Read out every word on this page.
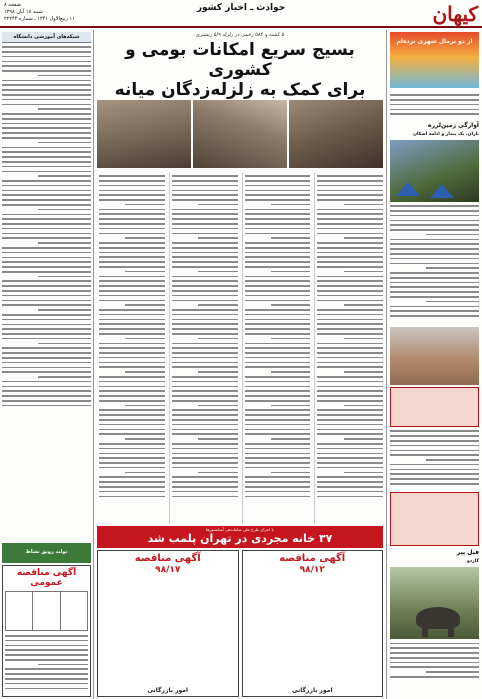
کیهان
حوادث ـ اخبار کشور
صفحه ۸
شنبه ۱۸ آبان ۱۳۹۸
۱۱ ربیع‌الاول ۱۴۴۱ ـ شماره ۲۲۲۴۴
از دو نرمال شهری نرده‌ام
آوارگی زمین‌لرزه
باران، یک بیمار و ادامه اسکان
فیل پیر
گاردو
۵ کشته و ۵۸۴ زخمی در زلزله ۵/۹ ریشتری
بسیج سریع امکانات بومی و کشوری
برای کمک به زلزله‌زدگان میانه
با اجرای طرح ملی ساماندهی آسانسورها
۳۷ خانه مجردی در تهران پلمب شد
آگهی مناقصه
۹۸/۱۲
امور بازرگانی
آگهی مناقصه
۹۸/۱۷
امور بازرگانی
شبکه‌های آموزشی دانشگاه
تولید رونق نشاط
آگهی مناقصه عمومی
